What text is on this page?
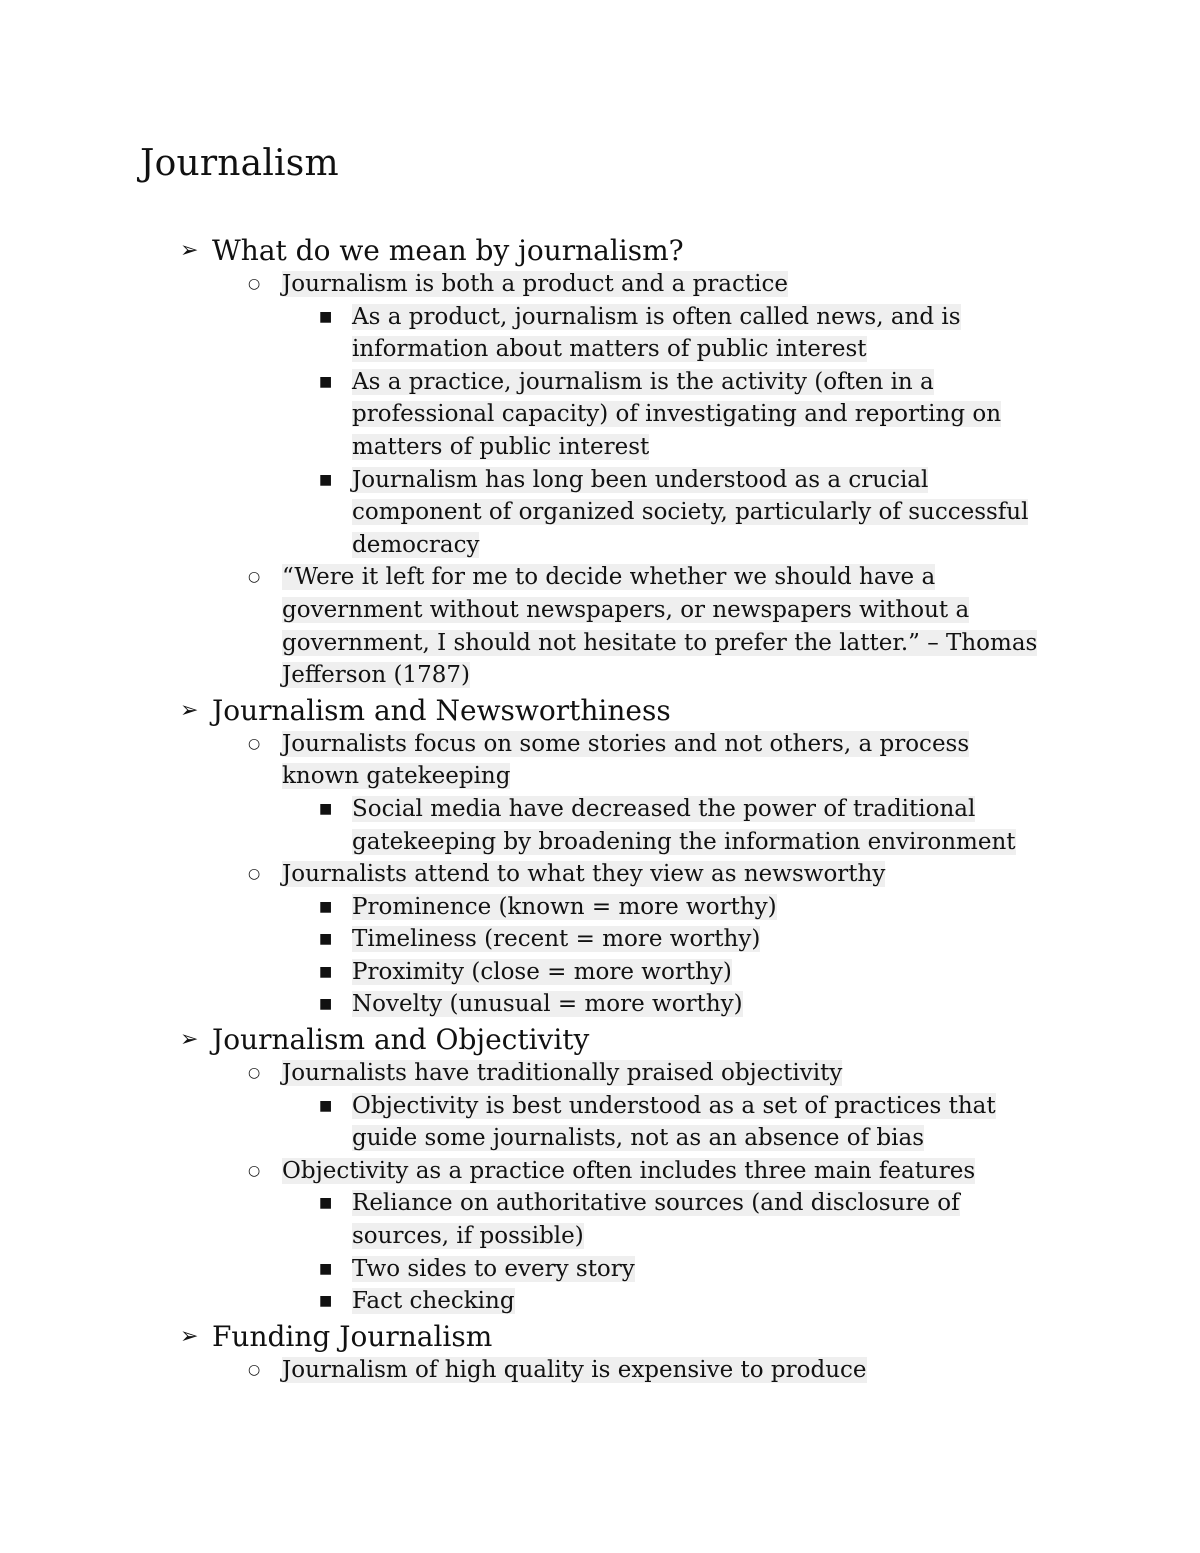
Journalism
➢ What do we mean by journalism?
○ Journalism is both a product and a practice
■ As a product, journalism is often called news, and is information about matters of public interest
■ As a practice, journalism is the activity (often in a professional capacity) of investigating and reporting on matters of public interest
■ Journalism has long been understood as a crucial component of organized society, particularly of successful democracy
○ “Were it left for me to decide whether we should have a government without newspapers, or newspapers without a government, I should not hesitate to prefer the latter.” – Thomas Jefferson (1787)
➢ Journalism and Newsworthiness
○ Journalists focus on some stories and not others, a process known gatekeeping
■ Social media have decreased the power of traditional gatekeeping by broadening the information environment
○ Journalists attend to what they view as newsworthy
■ Prominence (known = more worthy)
■ Timeliness (recent = more worthy)
■ Proximity (close = more worthy)
■ Novelty (unusual = more worthy)
➢ Journalism and Objectivity
○ Journalists have traditionally praised objectivity
■ Objectivity is best understood as a set of practices that guide some journalists, not as an absence of bias
○ Objectivity as a practice often includes three main features
■ Reliance on authoritative sources (and disclosure of sources, if possible)
■ Two sides to every story
■ Fact checking
➢ Funding Journalism
○ Journalism of high quality is expensive to produce
